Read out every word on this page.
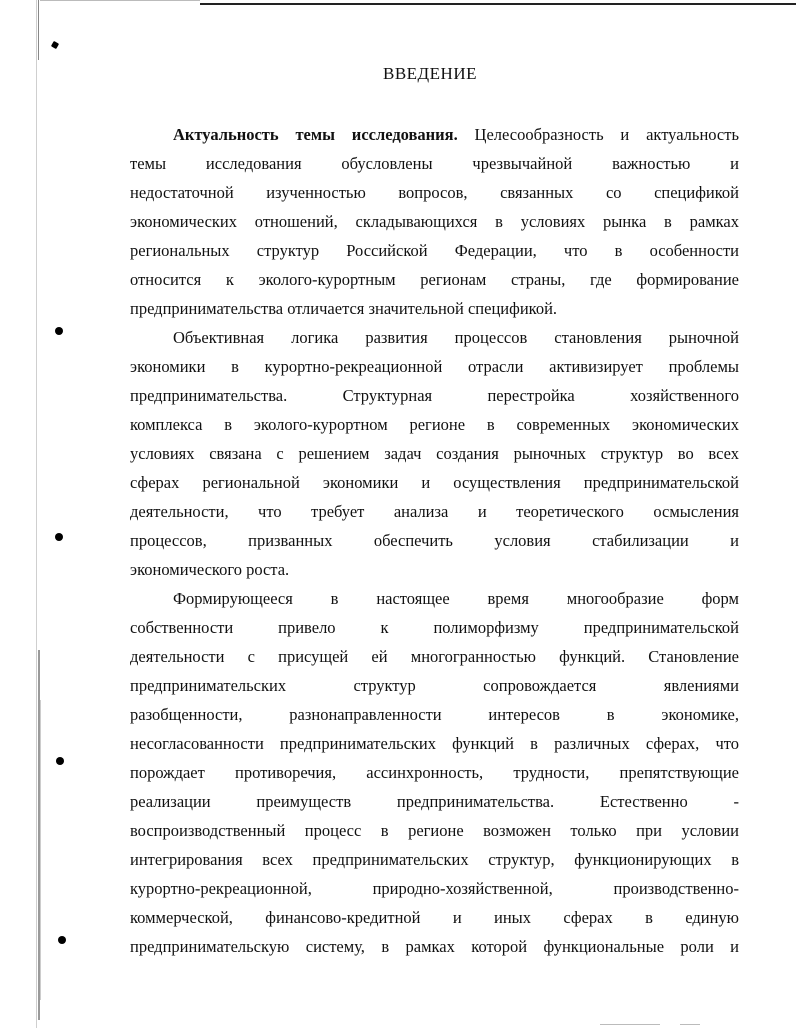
ВВЕДЕНИЕ
Актуальность темы исследования. Целесообразность и актуальность
темы исследования обусловлены чрезвычайной важностью и
недостаточной изученностью вопросов, связанных со спецификой
экономических отношений, складывающихся в условиях рынка в рамках
региональных структур Российской Федерации, что в особенности
относится к эколого-курортным регионам страны, где формирование
предпринимательства отличается значительной спецификой.
Объективная логика развития процессов становления рыночной
экономики в курортно-рекреационной отрасли активизирует проблемы
предпринимательства. Структурная перестройка хозяйственного
комплекса в эколого-курортном регионе в современных экономических
условиях связана с решением задач создания рыночных структур во всех
сферах региональной экономики и осуществления предпринимательской
деятельности, что требует анализа и теоретического осмысления
процессов, призванных обеспечить условия стабилизации и
экономического роста.
Формирующееся в настоящее время многообразие форм
собственности привело к полиморфизму предпринимательской
деятельности с присущей ей многогранностью функций. Становление
предпринимательских структур сопровождается явлениями
разобщенности, разнонаправленности интересов в экономике,
несогласованности предпринимательских функций в различных сферах, что
порождает противоречия, ассинхронность, трудности, препятствующие
реализации преимуществ предпринимательства. Естественно -
воспроизводственный процесс в регионе возможен только при условии
интегрирования всех предпринимательских структур, функционирующих в
курортно-рекреационной, природно-хозяйственной, производственно-
коммерческой, финансово-кредитной и иных сферах в единую
предпринимательскую систему, в рамках которой функциональные роли и
